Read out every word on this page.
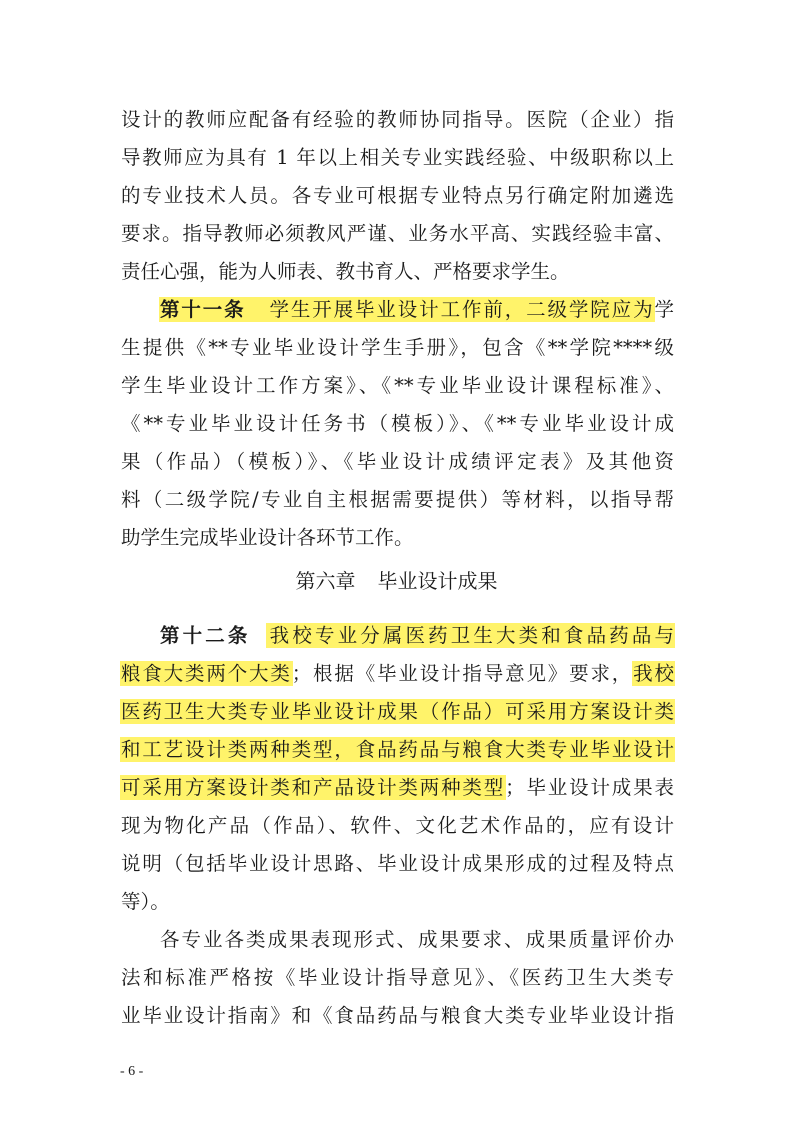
设计的教师应配备有经验的教师协同指导。医院（企业）指
导教师应为具有 1 年以上相关专业实践经验、中级职称以上
的专业技术人员。各专业可根据专业特点另行确定附加遴选
要求。指导教师必须教风严谨、业务水平高、实践经验丰富、
责任心强，能为人师表、教书育人、严格要求学生。
第十一条 学生开展毕业设计工作前，二级学院应为学
生提供《**专业毕业设计学生手册》，包含《**学院****级
学生毕业设计工作方案》、《**专业毕业设计课程标准》、
《**专业毕业设计任务书（模板）》、《**专业毕业设计成
果（作品）（模板）》、《毕业设计成绩评定表》及其他资
料（二级学院/专业自主根据需要提供）等材料，以指导帮
助学生完成毕业设计各环节工作。
第六章 毕业设计成果
第十二条 我校专业分属医药卫生大类和食品药品与
粮食大类两个大类；根据《毕业设计指导意见》要求，我校
医药卫生大类专业毕业设计成果（作品）可采用方案设计类
和工艺设计类两种类型，食品药品与粮食大类专业毕业设计
可采用方案设计类和产品设计类两种类型；毕业设计成果表
现为物化产品（作品）、软件、文化艺术作品的，应有设计
说明（包括毕业设计思路、毕业设计成果形成的过程及特点
等）。
各专业各类成果表现形式、成果要求、成果质量评价办
法和标准严格按《毕业设计指导意见》、《医药卫生大类专
业毕业设计指南》和《食品药品与粮食大类专业毕业设计指
- 6 -
